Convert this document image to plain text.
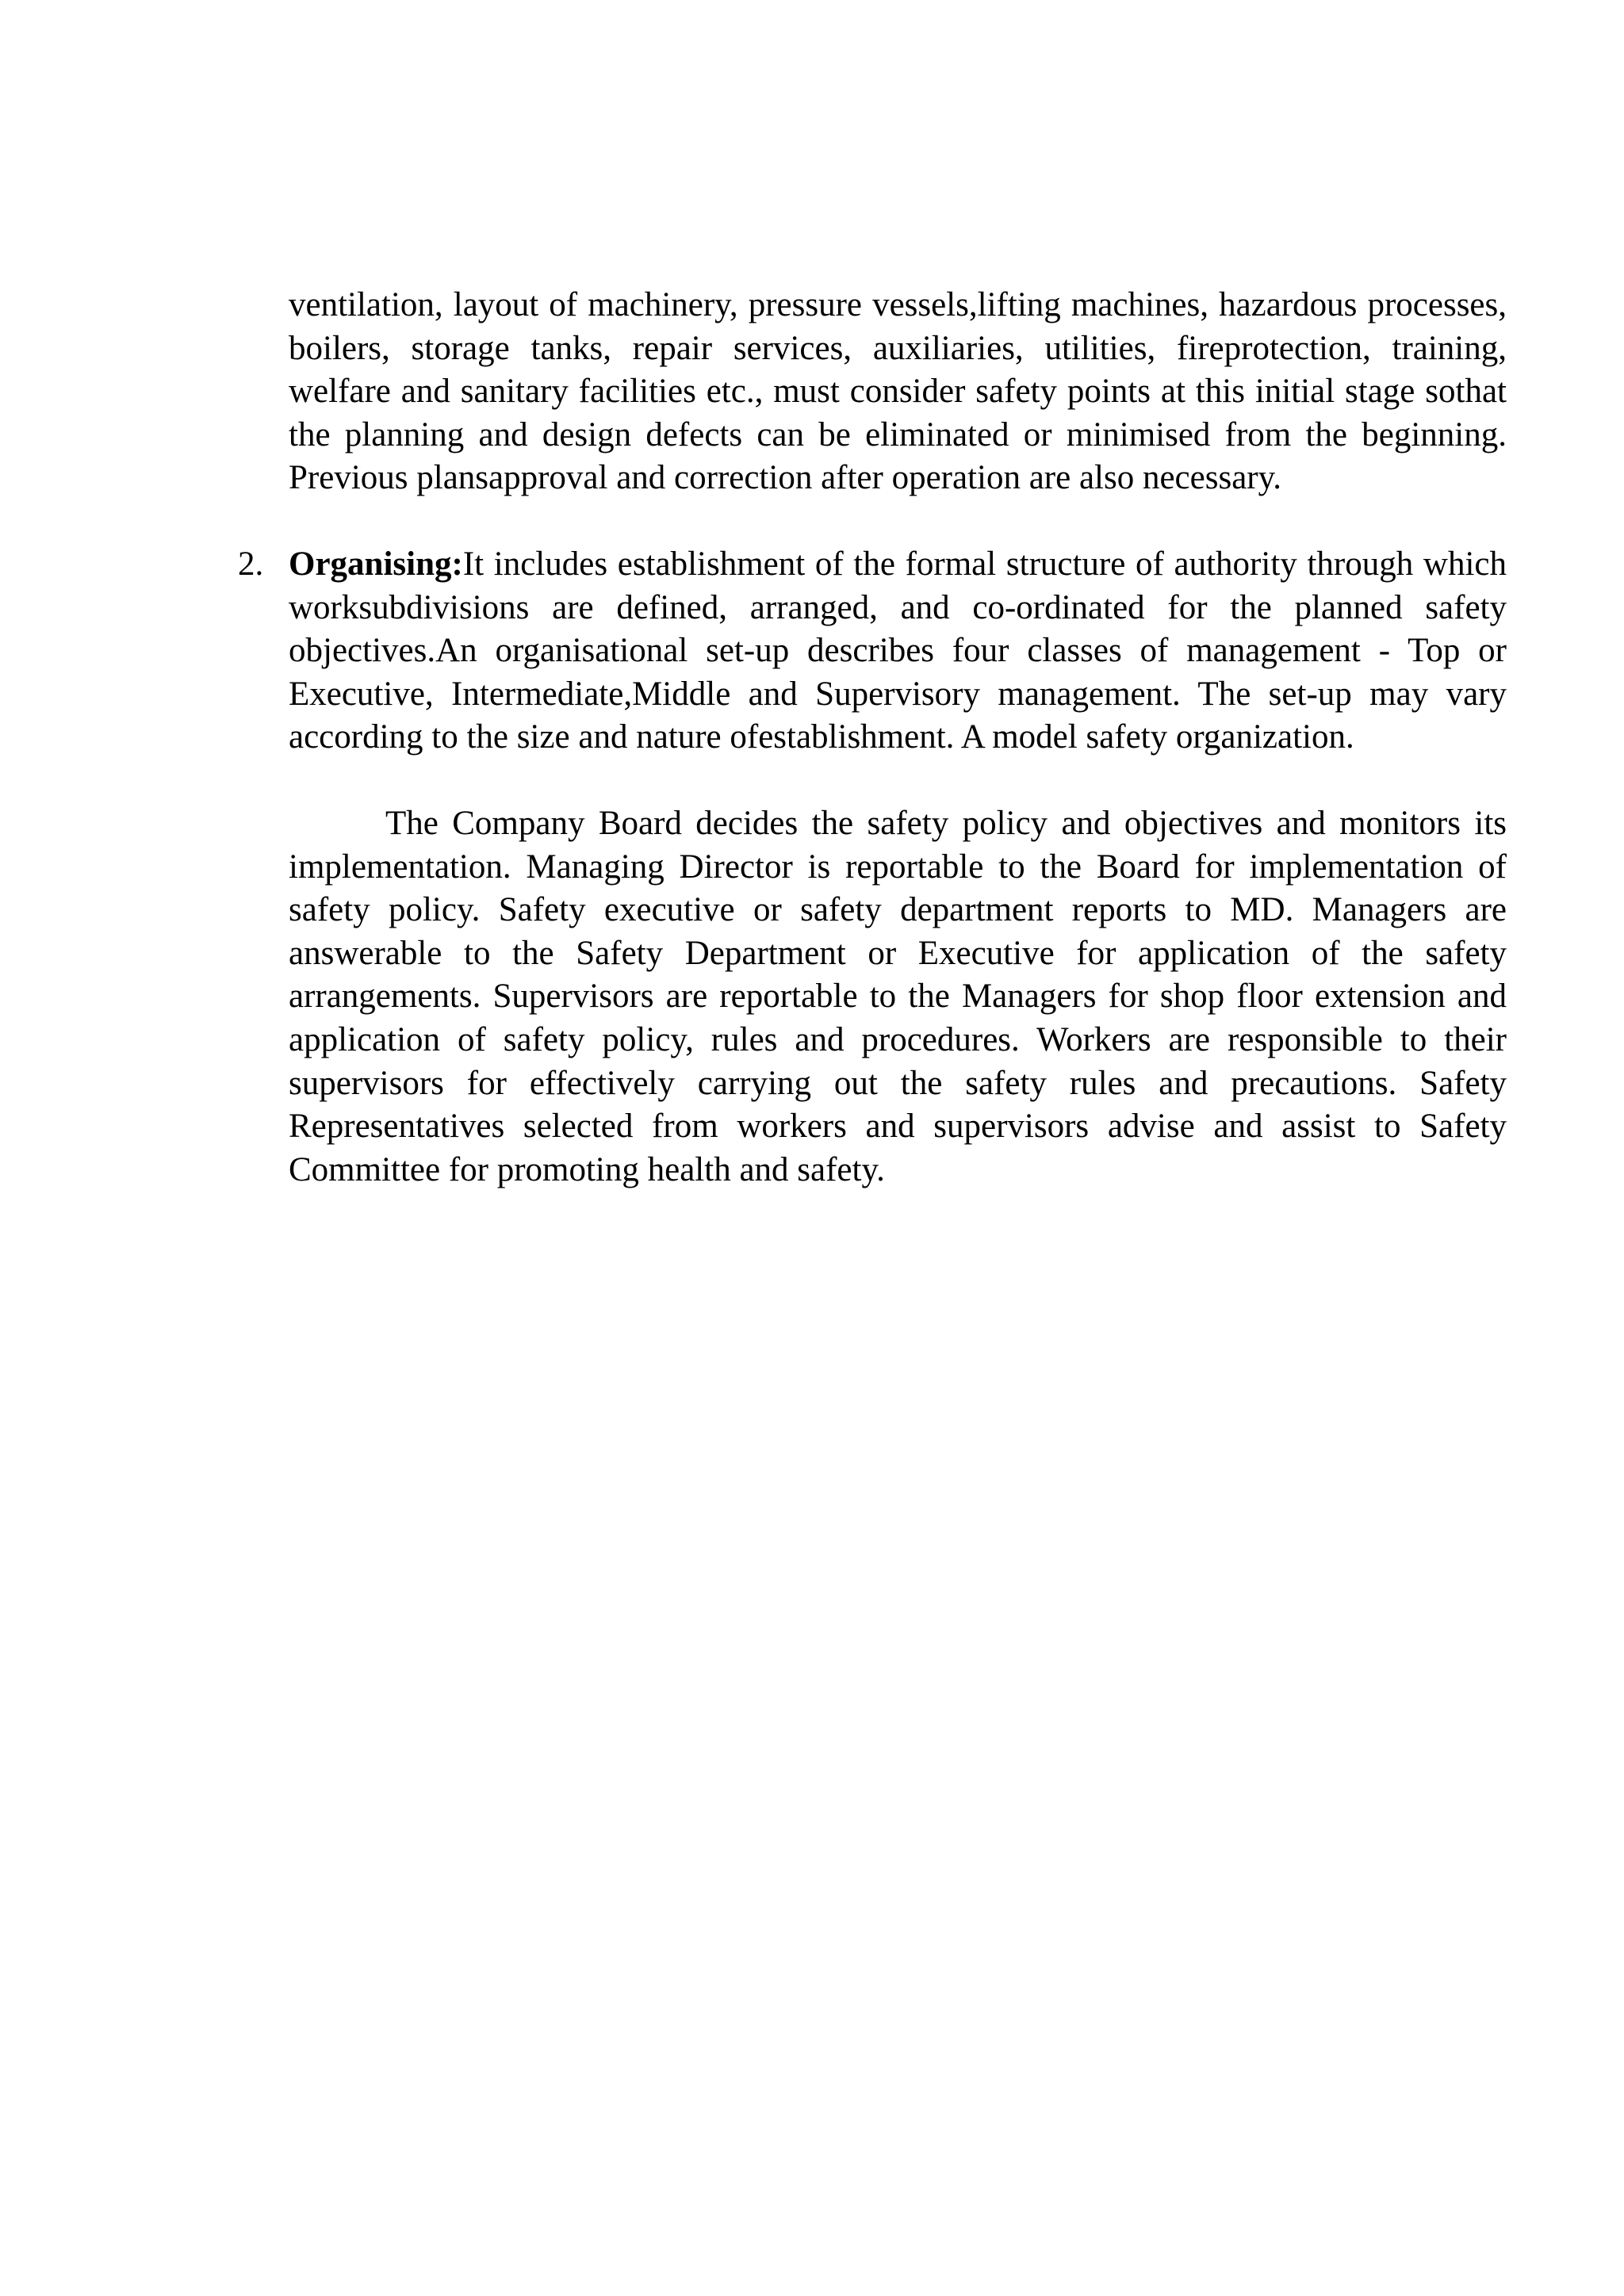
ventilation, layout of machinery, pressure vessels,lifting machines, hazardous processes, boilers, storage tanks, repair services, auxiliaries, utilities, fireprotection, training, welfare and sanitary facilities etc., must consider safety points at this initial stage sothat the planning and design defects can be eliminated or minimised from the beginning. Previous plansapproval and correction after operation are also necessary.

2. Organising:It includes establishment of the formal structure of authority through which worksubdivisions are defined, arranged, and co-ordinated for the planned safety objectives.An organisational set-up describes four classes of management - Top or Executive, Intermediate,Middle and Supervisory management. The set-up may vary according to the size and nature ofestablishment. A model safety organization.

The Company Board decides the safety policy and objectives and monitors its implementation. Managing Director is reportable to the Board for implementation of safety policy. Safety executive or safety department reports to MD. Managers are answerable to the Safety Department or Executive for application of the safety arrangements. Supervisors are reportable to the Managers for shop floor extension and application of safety policy, rules and procedures. Workers are responsible to their supervisors for effectively carrying out the safety rules and precautions. Safety Representatives selected from workers and supervisors advise and assist to Safety Committee for promoting health and safety.
